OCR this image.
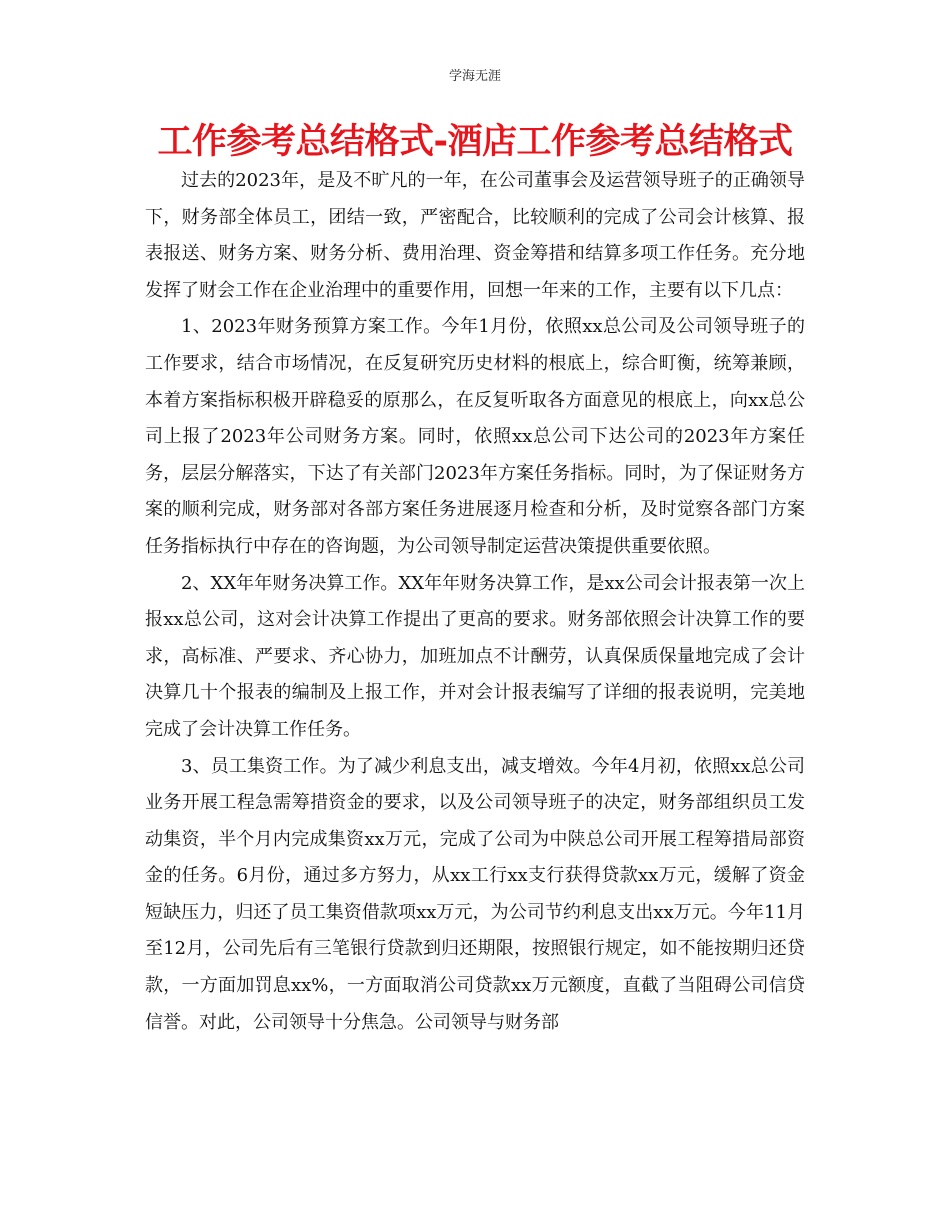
学海无涯
工作参考总结格式-酒店工作参考总结格式

过去的2023年，是及不旷凡的一年，在公司董事会及运营领导班子的正确领导下，财务部全体员工，团结一致，严密配合，比较顺利的完成了公司会计核算、报表报送、财务方案、财务分析、费用治理、资金筹措和结算多项工作任务。充分地发挥了财会工作在企业治理中的重要作用，回想一年来的工作，主要有以下几点：

1、2023年财务预算方案工作。今年1月份，依照xx总公司及公司领导班子的工作要求，结合市场情况，在反复研究历史材料的根底上，综合町衡，统筹兼顾，本着方案指标积极开辟稳妥的原那么，在反复听取各方面意见的根底上，向xx总公司上报了2023年公司财务方案。同时，依照xx总公司下达公司的2023年方案任务，层层分解落实，下达了有关部门2023年方案任务指标。同时，为了保证财务方案的顺利完成，财务部对各部方案任务进展逐月检查和分析，及时觉察各部门方案任务指标执行中存在的咨询题，为公司领导制定运营决策提供重要依照。

2、XX年年财务决算工作。XX年年财务决算工作，是xx公司会计报表第一次上报xx总公司，这对会计决算工作提出了更高的要求。财务部依照会计决算工作的要求，高标准、严要求、齐心协力，加班加点不计酬劳，认真保质保量地完成了会计决算几十个报表的编制及上报工作，并对会计报表编写了详细的报表说明，完美地完成了会计决算工作任务。

3、员工集资工作。为了减少利息支出，减支增效。今年4月初，依照xx总公司业务开展工程急需筹措资金的要求，以及公司领导班子的决定，财务部组织员工发动集资，半个月内完成集资xx万元，完成了公司为中陕总公司开展工程筹措局部资金的任务。6月份，通过多方努力，从xx工行xx支行获得贷款xx万元，缓解了资金短缺压力，归还了员工集资借款项xx万元，为公司节约利息支出xx万元。今年11月至12月，公司先后有三笔银行贷款到归还期限，按照银行规定，如不能按期归还贷款，一方面加罚息xx%，一方面取消公司贷款xx万元额度，直截了当阻碍公司信贷信誉。对此，公司领导十分焦急。公司领导与财务部
